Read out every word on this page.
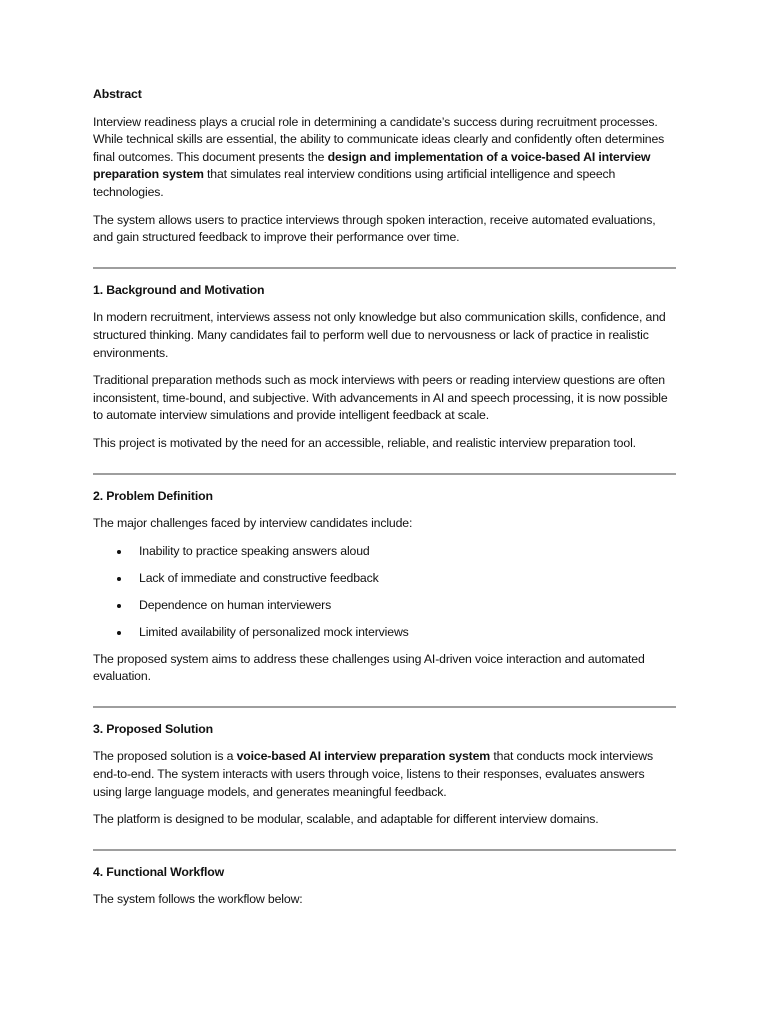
Abstract

Interview readiness plays a crucial role in determining a candidate’s success during recruitment processes. While technical skills are essential, the ability to communicate ideas clearly and confidently often determines final outcomes. This document presents the design and implementation of a voice-based AI interview preparation system that simulates real interview conditions using artificial intelligence and speech technologies.

The system allows users to practice interviews through spoken interaction, receive automated evaluations, and gain structured feedback to improve their performance over time.

1. Background and Motivation

In modern recruitment, interviews assess not only knowledge but also communication skills, confidence, and structured thinking. Many candidates fail to perform well due to nervousness or lack of practice in realistic environments.

Traditional preparation methods such as mock interviews with peers or reading interview questions are often inconsistent, time-bound, and subjective. With advancements in AI and speech processing, it is now possible to automate interview simulations and provide intelligent feedback at scale.

This project is motivated by the need for an accessible, reliable, and realistic interview preparation tool.

2. Problem Definition

The major challenges faced by interview candidates include:

Inability to practice speaking answers aloud
Lack of immediate and constructive feedback
Dependence on human interviewers
Limited availability of personalized mock interviews

The proposed system aims to address these challenges using AI-driven voice interaction and automated evaluation.

3. Proposed Solution

The proposed solution is a voice-based AI interview preparation system that conducts mock interviews end-to-end. The system interacts with users through voice, listens to their responses, evaluates answers using large language models, and generates meaningful feedback.

The platform is designed to be modular, scalable, and adaptable for different interview domains.

4. Functional Workflow

The system follows the workflow below:
